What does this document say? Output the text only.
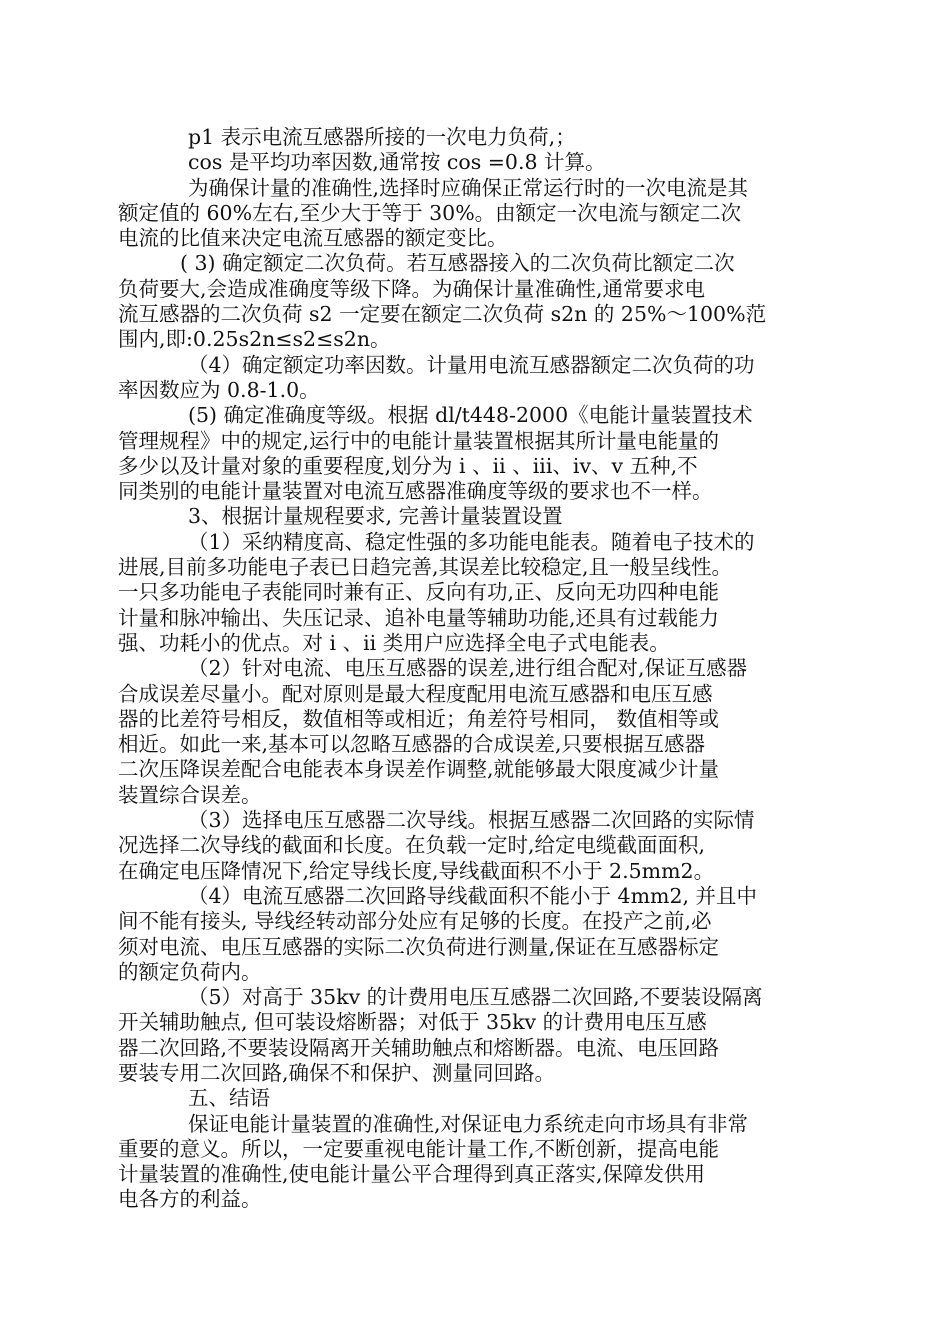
p1 表示电流互感器所接的一次电力负荷,；
cos 是平均功率因数,通常按 cos =0.8 计算。
为确保计量的准确性,选择时应确保正常运行时的一次电流是其
额定值的 60%左右,至少大于等于 30%。由额定一次电流与额定二次
电流的比值来决定电流互感器的额定变比。
( 3) 确定额定二次负荷。若互感器接入的二次负荷比额定二次
负荷要大,会造成准确度等级下降。为确保计量准确性,通常要求电
流互感器的二次负荷 s2 一定要在额定二次负荷 s2n 的 25%～100%范
围内,即:0.25s2n≤s2≤s2n。
（4）确定额定功率因数。计量用电流互感器额定二次负荷的功
率因数应为 0.8-1.0。
(5) 确定准确度等级。根据 dl/t448-2000《电能计量装置技术
管理规程》中的规定,运行中的电能计量装置根据其所计量电能量的
多少以及计量对象的重要程度,划分为 i 、ii 、iii、iv、v 五种,不
同类别的电能计量装置对电流互感器准确度等级的要求也不一样。
3、根据计量规程要求, 完善计量装置设置
（1）采纳精度高、稳定性强的多功能电能表。随着电子技术的
进展,目前多功能电子表已日趋完善,其误差比较稳定,且一般呈线性。
一只多功能电子表能同时兼有正、反向有功,正、反向无功四种电能
计量和脉冲输出、失压记录、追补电量等辅助功能,还具有过载能力
强、功耗小的优点。对 i 、ii 类用户应选择全电子式电能表。
（2）针对电流、电压互感器的误差,进行组合配对,保证互感器
合成误差尽量小。配对原则是最大程度配用电流互感器和电压互感
器的比差符号相反，数值相等或相近；角差符号相同， 数值相等或
相近。如此一来,基本可以忽略互感器的合成误差,只要根据互感器
二次压降误差配合电能表本身误差作调整,就能够最大限度减少计量
装置综合误差。
（3）选择电压互感器二次导线。根据互感器二次回路的实际情
况选择二次导线的截面和长度。在负载一定时,给定电缆截面面积,
在确定电压降情况下,给定导线长度,导线截面积不小于 2.5mm2。
（4）电流互感器二次回路导线截面积不能小于 4mm2, 并且中
间不能有接头, 导线经转动部分处应有足够的长度。在投产之前,必
须对电流、电压互感器的实际二次负荷进行测量,保证在互感器标定
的额定负荷内。
（5）对高于 35kv 的计费用电压互感器二次回路,不要装设隔离
开关辅助触点, 但可装设熔断器；对低于 35kv 的计费用电压互感
器二次回路,不要装设隔离开关辅助触点和熔断器。电流、电压回路
要装专用二次回路,确保不和保护、测量同回路。
五、结语
保证电能计量装置的准确性,对保证电力系统走向市场具有非常
重要的意义。所以，一定要重视电能计量工作,不断创新，提高电能
计量装置的准确性,使电能计量公平合理得到真正落实,保障发供用
电各方的利益。
